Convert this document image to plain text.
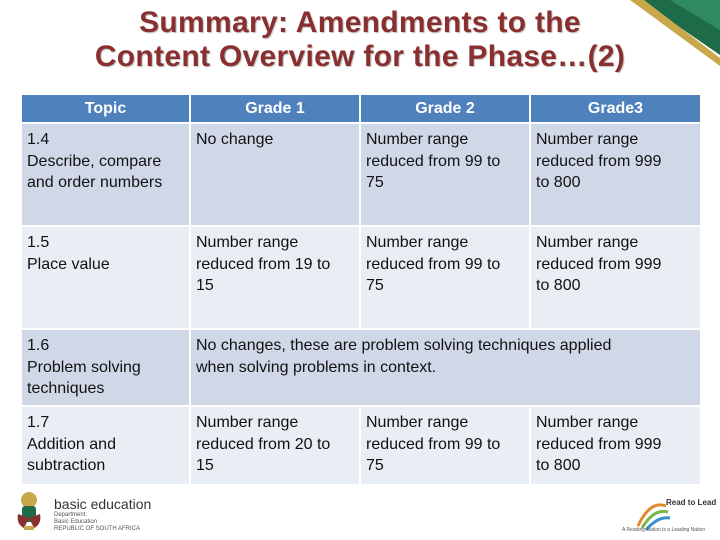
Summary: Amendments to the
Content Overview for the Phase…(2)
Topic	Grade 1	Grade 2	Grade3

1.4
Describe, compare
and order numbers	No change	Number range
reduced from 99 to
75	Number range
reduced from 999
to 800

1.5
Place value	Number range
reduced from 19 to
15	Number range
reduced from 99 to
75	Number range
reduced from 999
to 800

1.6
Problem solving
techniques	No changes, these are problem solving techniques applied
when solving problems in context.		

1.7
Addition and
subtraction	Number range
reduced from 20 to
15	Number range
reduced from 99 to
75	Number range
reduced from 999
to 800
basic education
Department:
Basic Education
REPUBLIC OF SOUTH AFRICA
Read to Lead
A Reading Nation is a Leading Nation
